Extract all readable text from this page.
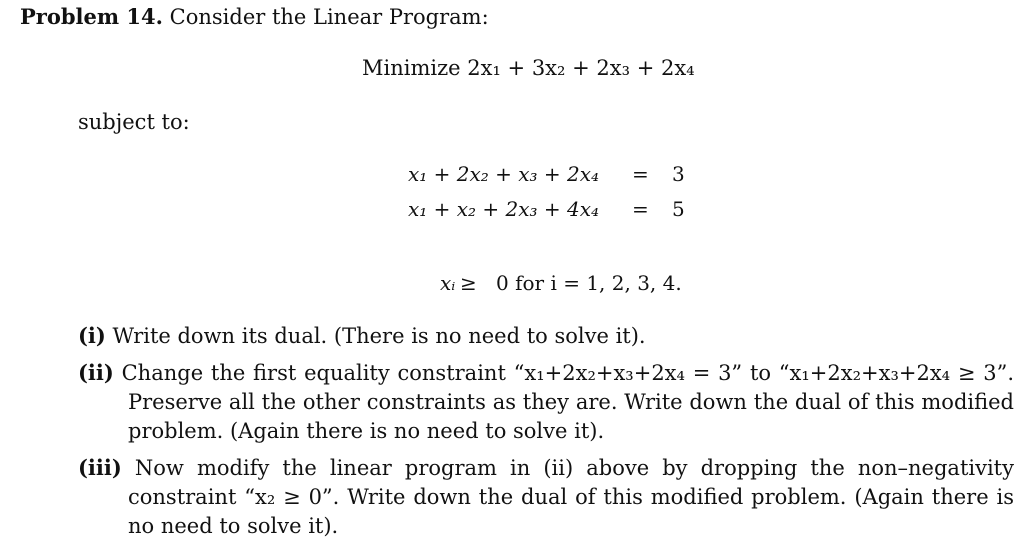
Problem 14. Consider the Linear Program:
Minimize 2x₁ + 3x₂ + 2x₃ + 2x₄
subject to:
x₁ + 2x₂ + x₃ + 2x₄ = 3
x₁ + x₂ + 2x₃ + 4x₄ = 5
xᵢ ≥ 0 for i = 1, 2, 3, 4.
(i) Write down its dual. (There is no need to solve it).
(ii) Change the first equality constraint “x₁+2x₂+x₃+2x₄ = 3” to “x₁+2x₂+x₃+2x₄ ≥ 3”. Preserve all the other constraints as they are. Write down the dual of this modified problem. (Again there is no need to solve it).
(iii) Now modify the linear program in (ii) above by dropping the non–negativity constraint “x₂ ≥ 0”. Write down the dual of this modified problem. (Again there is no need to solve it).
